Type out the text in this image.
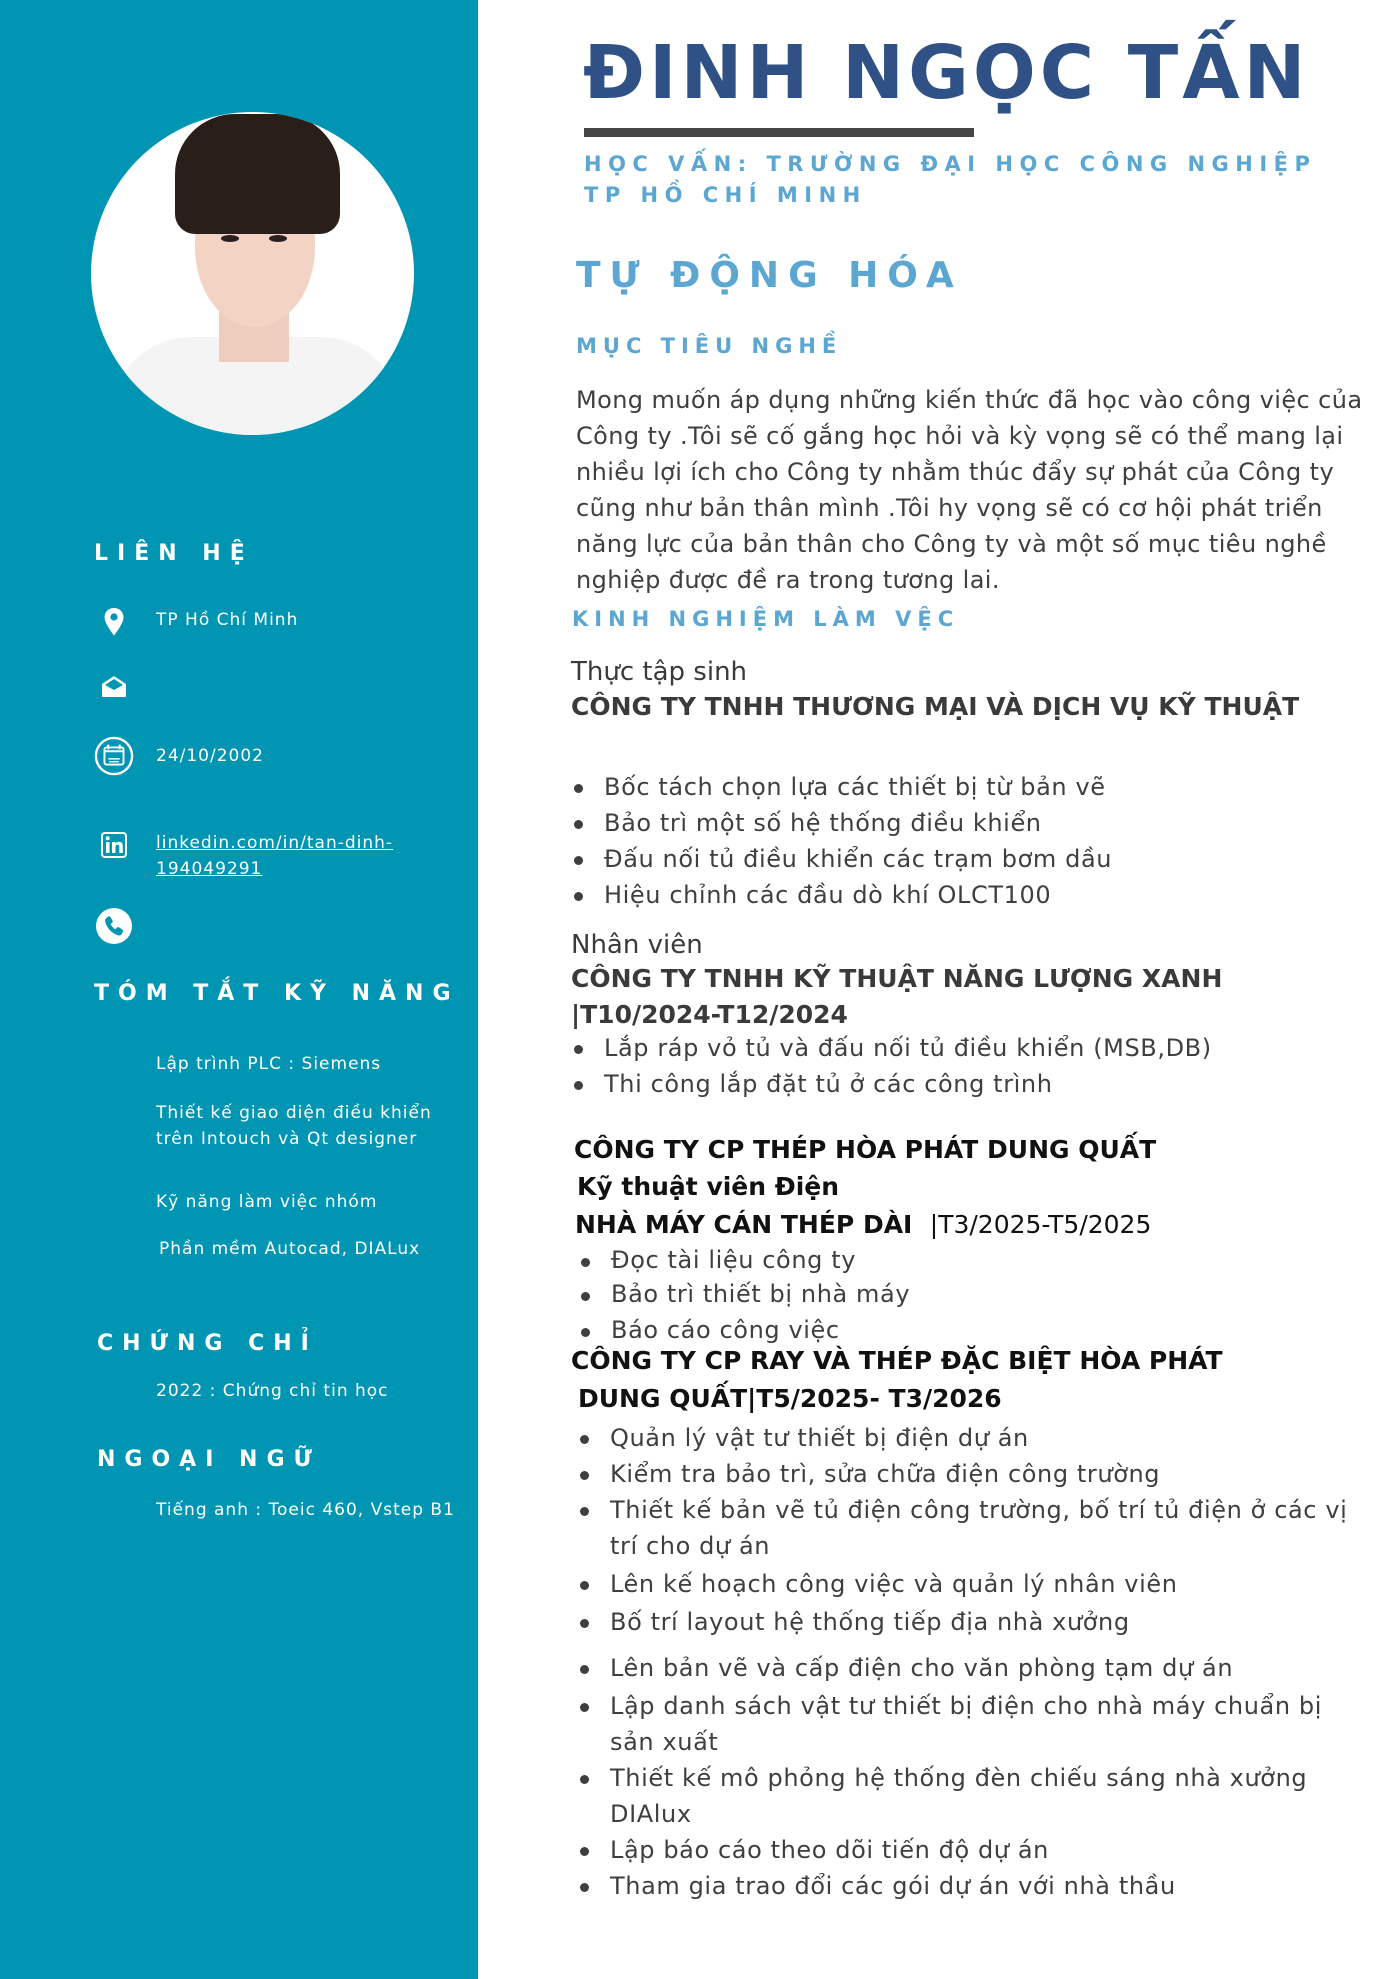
LIÊN HỆ
TP Hồ Chí Minh
24/10/2002
linkedin.com/in/tan-dinh-
194049291
TÓM TẮT KỸ NĂNG
Lập trình PLC : Siemens
Thiết kế giao diện điều khiển
trên Intouch và Qt designer
Kỹ năng làm việc nhóm
Phần mềm Autocad, DIALux
CHỨNG CHỈ
2022 : Chứng chỉ tin học
NGOẠI NGỮ
Tiếng anh : Toeic 460, Vstep B1
ĐINH NGỌC TẤN
HỌC VẤN: TRƯỜNG ĐẠI HỌC CÔNG NGHIỆP TP HỒ CHÍ MINH
TỰ ĐỘNG HÓA
MỤC TIÊU NGHỀ

Mong muốn áp dụng những kiến thức đã học vào công việc của Công ty .Tôi sẽ cố gắng học hỏi và kỳ vọng sẽ có thể mang lại nhiều lợi ích cho Công ty nhằm thúc đẩy sự phát của Công ty cũng như bản thân mình .Tôi hy vọng sẽ có cơ hội phát triển năng lực của bản thân cho Công ty và một số mục tiêu nghề nghiệp được đề ra trong tương lai.

KINH NGHIỆM LÀM VỆC
Thực tập sinh
CÔNG TY TNHH THƯƠNG MẠI VÀ DỊCH VỤ KỸ THUẬT
Bốc tách chọn lựa các thiết bị từ bản vẽ
Bảo trì một số hệ thống điều khiển
Đấu nối tủ điều khiển các trạm bơm dầu
Hiệu chỉnh các đầu dò khí OLCT100
Nhân viên
CÔNG TY TNHH KỸ THUẬT NĂNG LƯỢNG XANH
|T10/2024-T12/2024
Lắp ráp vỏ tủ và đấu nối tủ điều khiển (MSB,DB)
Thi công lắp đặt tủ ở các công trình
CÔNG TY CP THÉP HÒA PHÁT DUNG QUẤT
Kỹ thuật viên Điện
NHÀ MÁY CÁN THÉP DÀI |T3/2025-T5/2025
Đọc tài liệu công ty
Bảo trì thiết bị nhà máy
Báo cáo công việc
CÔNG TY CP RAY VÀ THÉP ĐẶC BIỆT HÒA PHÁT
DUNG QUẤT|T5/2025- T3/2026
Quản lý vật tư thiết bị điện dự án
Kiểm tra bảo trì, sửa chữa điện công trường
Thiết kế bản vẽ tủ điện công trường, bố trí tủ điện ở các vị trí cho dự án
Lên kế hoạch công việc và quản lý nhân viên
Bố trí layout hệ thống tiếp địa nhà xưởng
Lên bản vẽ và cấp điện cho văn phòng tạm dự án
Lập danh sách vật tư thiết bị điện cho nhà máy chuẩn bị sản xuất
Thiết kế mô phỏng hệ thống đèn chiếu sáng nhà xưởng DIAlux
Lập báo cáo theo dõi tiến độ dự án
Tham gia trao đổi các gói dự án với nhà thầu
